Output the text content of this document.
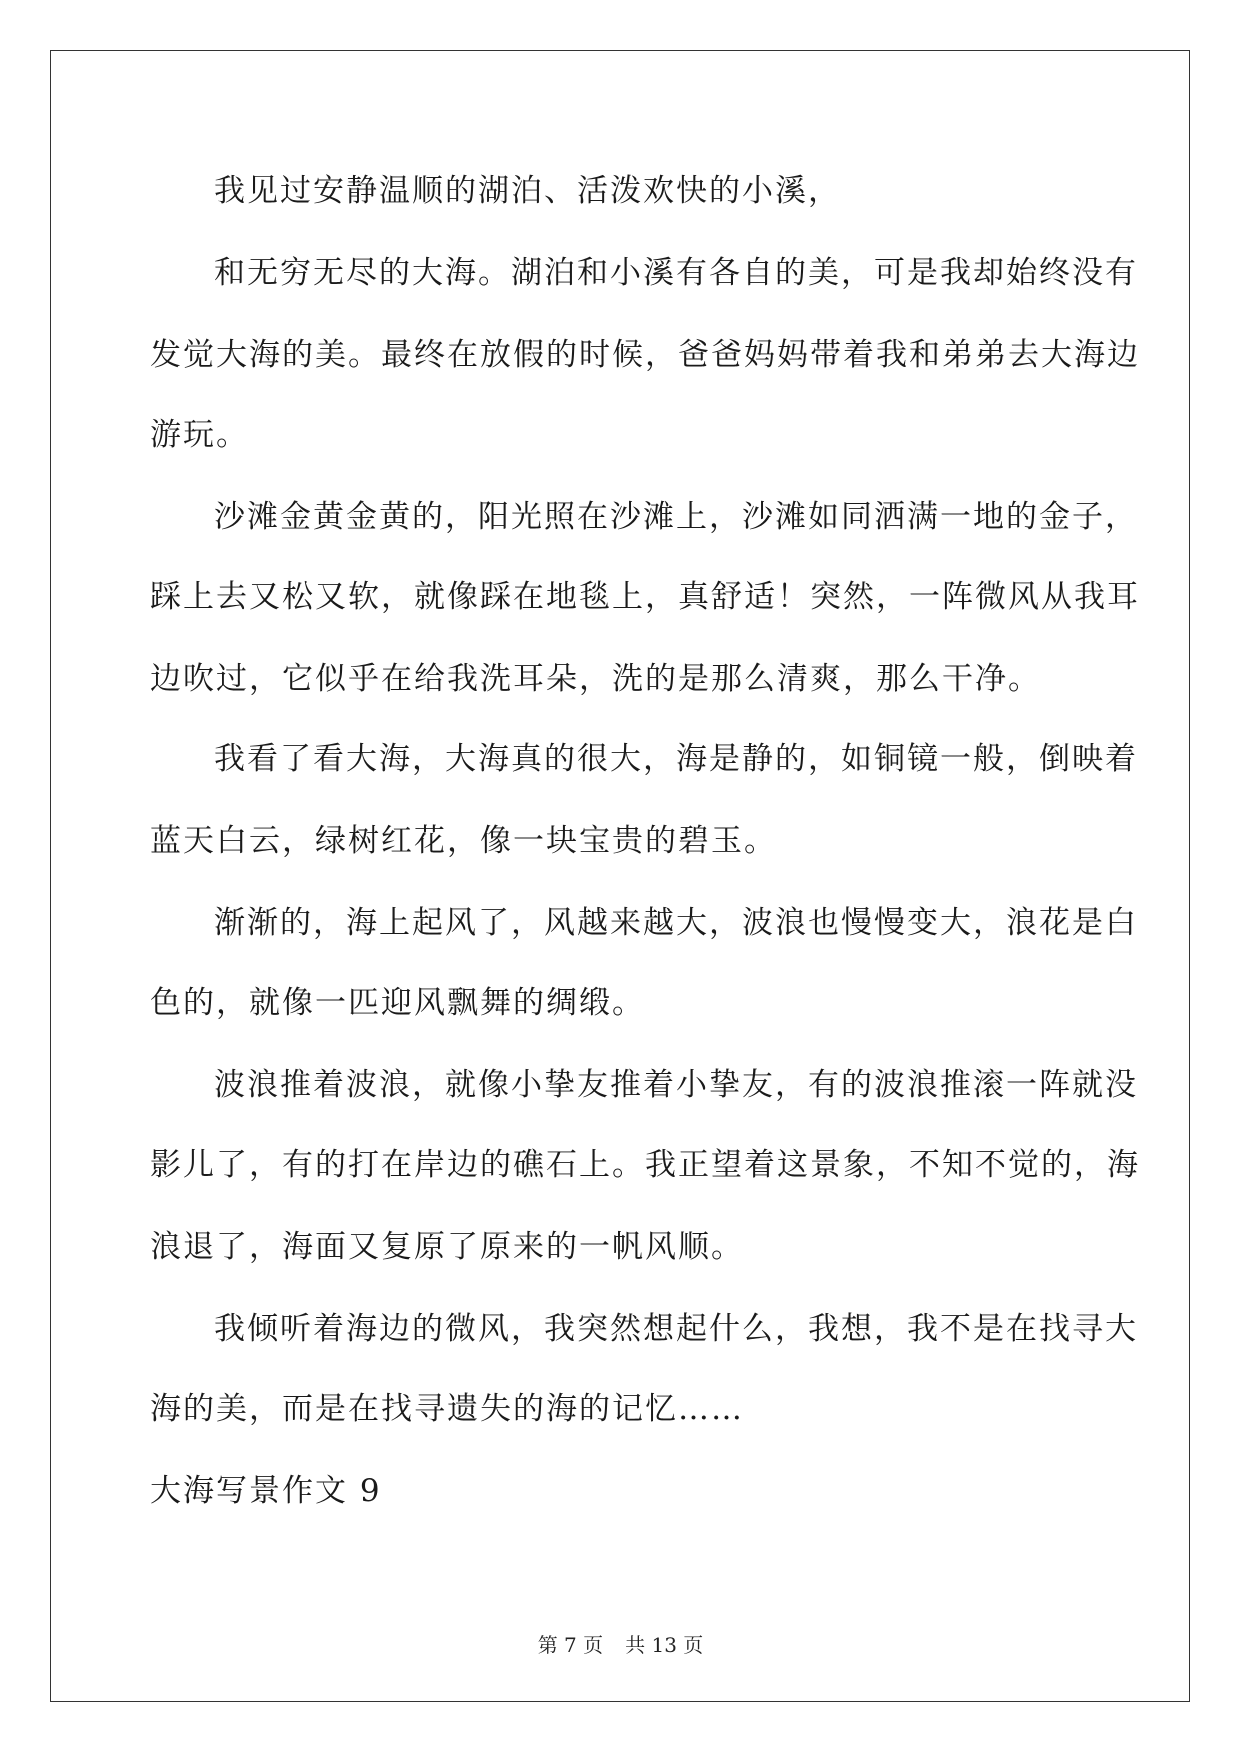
我见过安静温顺的湖泊、活泼欢快的小溪，
和无穷无尽的大海。湖泊和小溪有各自的美，可是我却始终没有
发觉大海的美。最终在放假的时候，爸爸妈妈带着我和弟弟去大海边
游玩。
沙滩金黄金黄的，阳光照在沙滩上，沙滩如同洒满一地的金子，
踩上去又松又软，就像踩在地毯上，真舒适！突然，一阵微风从我耳
边吹过，它似乎在给我洗耳朵，洗的是那么清爽，那么干净。
我看了看大海，大海真的很大，海是静的，如铜镜一般，倒映着
蓝天白云，绿树红花，像一块宝贵的碧玉。
渐渐的，海上起风了，风越来越大，波浪也慢慢变大，浪花是白
色的，就像一匹迎风飘舞的绸缎。
波浪推着波浪，就像小挚友推着小挚友，有的波浪推滚一阵就没
影儿了，有的打在岸边的礁石上。我正望着这景象，不知不觉的，海
浪退了，海面又复原了原来的一帆风顺。
我倾听着海边的微风，我突然想起什么，我想，我不是在找寻大
海的美，而是在找寻遗失的海的记忆……
大海写景作文 9
第 7 页 共 13 页
